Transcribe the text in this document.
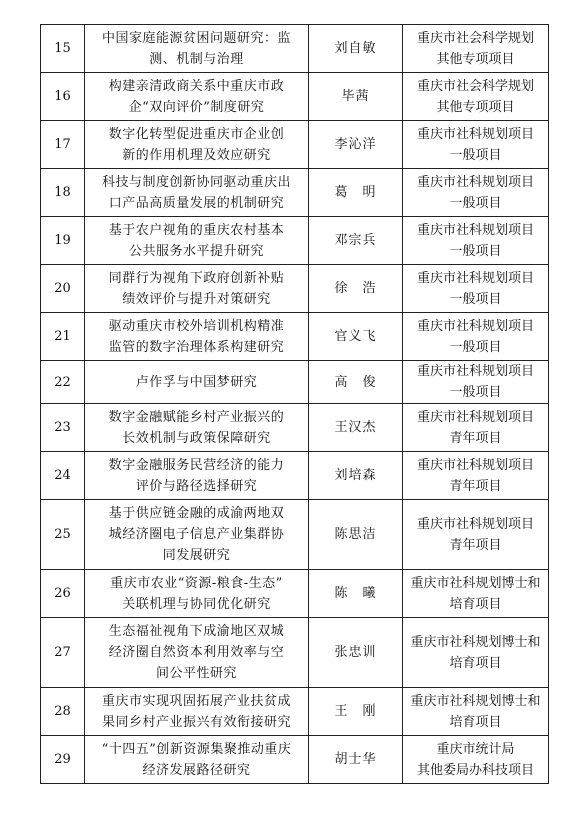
15	中国家庭能源贫困问题研究：监
测、机制与治理	刘自敏	重庆市社会科学规划
其他专项项目

16	构建亲清政商关系中重庆市政
企“双向评价”制度研究	毕茜	重庆市社会科学规划
其他专项项目

17	数字化转型促进重庆市企业创
新的作用机理及效应研究	李沁洋	重庆市社科规划项目
一般项目

18	科技与制度创新协同驱动重庆出
口产品高质量发展的机制研究	葛　明	重庆市社科规划项目
一般项目

19	基于农户视角的重庆农村基本
公共服务水平提升研究	邓宗兵	重庆市社科规划项目
一般项目

20	同群行为视角下政府创新补贴
绩效评价与提升对策研究	徐　浩	重庆市社科规划项目
一般项目

21	驱动重庆市校外培训机构精准
监管的数字治理体系构建研究	官义飞	重庆市社科规划项目
一般项目

22	卢作孚与中国梦研究	高　俊	重庆市社科规划项目
一般项目

23	数字金融赋能乡村产业振兴的
长效机制与政策保障研究	王汉杰	重庆市社科规划项目
青年项目

24	数字金融服务民营经济的能力
评价与路径选择研究	刘培森	重庆市社科规划项目
青年项目

25	基于供应链金融的成渝两地双
城经济圈电子信息产业集群协
同发展研究	陈思洁	重庆市社科规划项目
青年项目

26	重庆市农业“资源-粮食-生态”
关联机理与协同优化研究	陈　曦	重庆市社科规划博士和
培育项目

27	生态福祉视角下成渝地区双城
经济圈自然资本利用效率与空
间公平性研究	张忠训	重庆市社科规划博士和
培育项目

28	重庆市实现巩固拓展产业扶贫成
果同乡村产业振兴有效衔接研究	王　刚	重庆市社科规划博士和
培育项目

29	“十四五”创新资源集聚推动重庆
经济发展路径研究	胡士华	重庆市统计局
其他委局办科技项目
